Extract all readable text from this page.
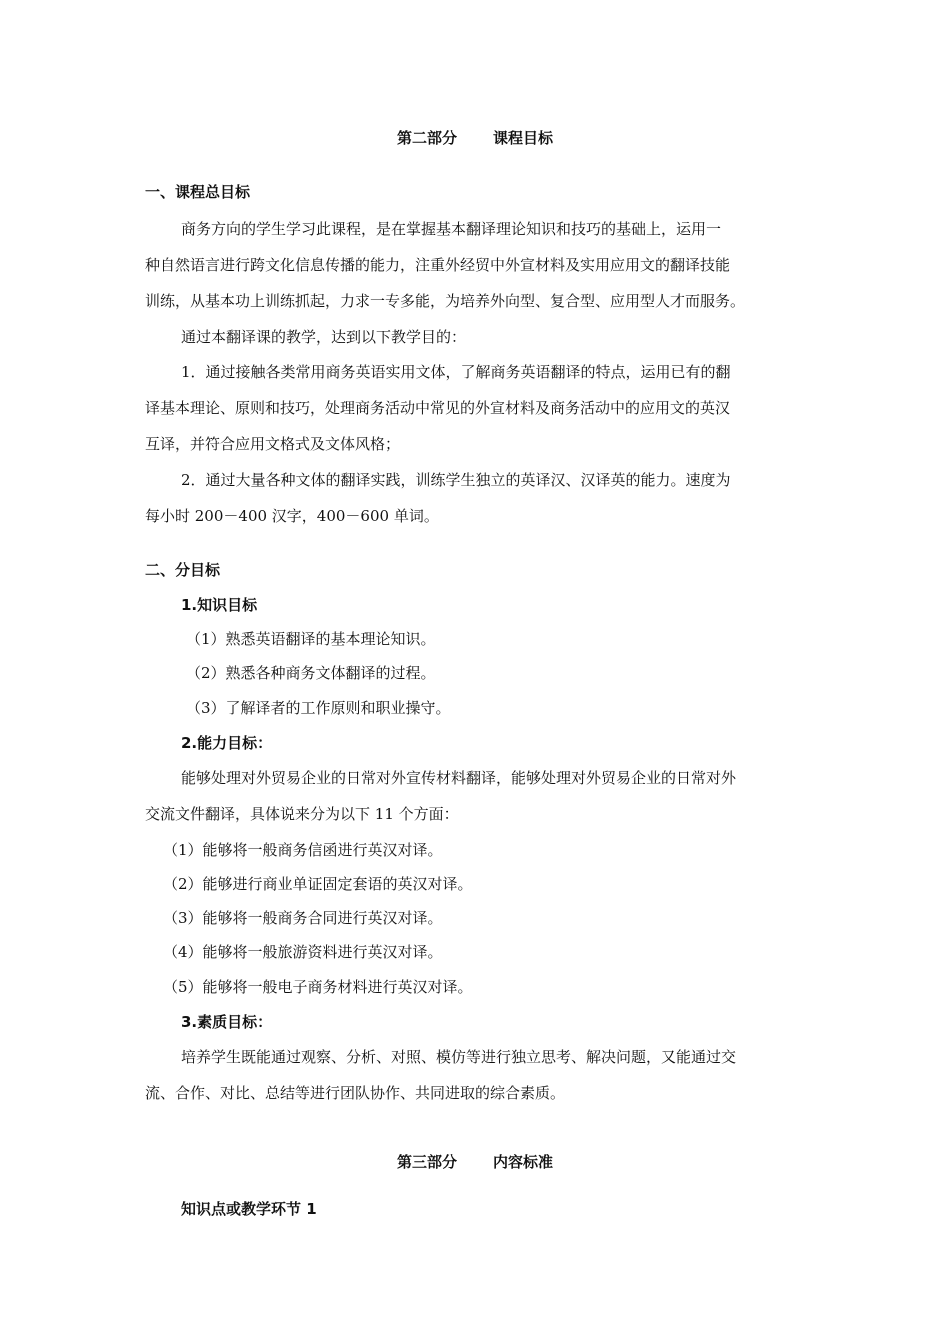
第二部分 课程目标
一、课程总目标
商务方向的学生学习此课程，是在掌握基本翻译理论知识和技巧的基础上，运用一
种自然语言进行跨文化信息传播的能力，注重外经贸中外宣材料及实用应用文的翻译技能
训练，从基本功上训练抓起，力求一专多能，为培养外向型、复合型、应用型人才而服务。
通过本翻译课的教学，达到以下教学目的：
1．通过接触各类常用商务英语实用文体，了解商务英语翻译的特点，运用已有的翻
译基本理论、原则和技巧，处理商务活动中常见的外宣材料及商务活动中的应用文的英汉
互译，并符合应用文格式及文体风格；
2．通过大量各种文体的翻译实践，训练学生独立的英译汉、汉译英的能力。速度为
每小时 200－400 汉字，400－600 单词。
二、分目标
1.知识目标
（1）熟悉英语翻译的基本理论知识。
（2）熟悉各种商务文体翻译的过程。
（3）了解译者的工作原则和职业操守。
2.能力目标：
能够处理对外贸易企业的日常对外宣传材料翻译，能够处理对外贸易企业的日常对外
交流文件翻译，具体说来分为以下 11 个方面：
（1）能够将一般商务信函进行英汉对译。
（2）能够进行商业单证固定套语的英汉对译。
（3）能够将一般商务合同进行英汉对译。
（4）能够将一般旅游资料进行英汉对译。
（5）能够将一般电子商务材料进行英汉对译。
3.素质目标：
培养学生既能通过观察、分析、对照、模仿等进行独立思考、解决问题，又能通过交
流、合作、对比、总结等进行团队协作、共同进取的综合素质。
第三部分 内容标准
知识点或教学环节 1
